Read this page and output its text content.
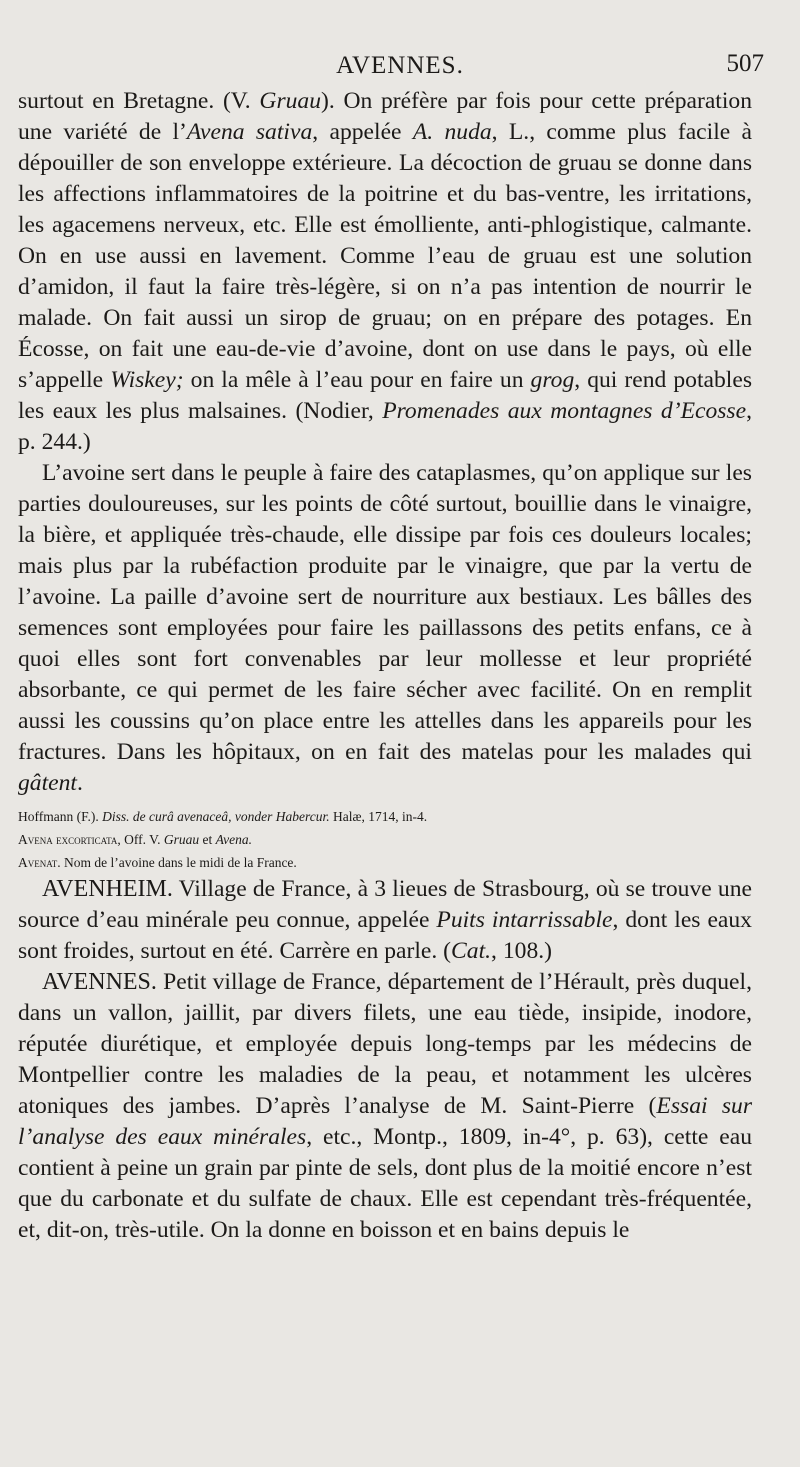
AVENNES.	507

surtout en Bretagne. (V. Gruau). On préfère par fois pour cette préparation une variété de l’Avena sativa, appelée A. nuda, L., comme plus facile à dépouiller de son enveloppe extérieure. La décoction de gruau se donne dans les affections inflammatoires de la poitrine et du bas-ventre, les irritations, les agacemens nerveux, etc. Elle est émolliente, anti-phlogistique, calmante. On en use aussi en lavement. Comme l’eau de gruau est une solution d’amidon, il faut la faire très-légère, si on n’a pas intention de nourrir le malade. On fait aussi un sirop de gruau; on en prépare des potages. En Écosse, on fait une eau-de-vie d’avoine, dont on use dans le pays, où elle s’appelle Wiskey; on la mêle à l’eau pour en faire un grog, qui rend potables les eaux les plus malsaines. (Nodier, Promenades aux montagnes d’Ecosse, p. 244.)

L’avoine sert dans le peuple à faire des cataplasmes, qu’on applique sur les parties douloureuses, sur les points de côté surtout, bouillie dans le vinaigre, la bière, et appliquée très-chaude, elle dissipe par fois ces douleurs locales; mais plus par la rubéfaction produite par le vinaigre, que par la vertu de l’avoine. La paille d’avoine sert de nourriture aux bestiaux. Les bâlles des semences sont employées pour faire les paillassons des petits enfans, ce à quoi elles sont fort convenables par leur mollesse et leur propriété absorbante, ce qui permet de les faire sécher avec facilité. On en remplit aussi les coussins qu’on place entre les attelles dans les appareils pour les fractures. Dans les hôpitaux, on en fait des matelas pour les malades qui gâtent.

Hoffmann (F.). Diss. de curâ avenaceâ, vonder Habercur. Halæ, 1714, in-4.

Avena excorticata, Off. V. Gruau et Avena.

Avenat. Nom de l’avoine dans le midi de la France.

AVENHEIM. Village de France, à 3 lieues de Strasbourg, où se trouve une source d’eau minérale peu connue, appelée Puits intarrissable, dont les eaux sont froides, surtout en été. Carrère en parle. (Cat., 108.)

AVENNES. Petit village de France, département de l’Hérault, près duquel, dans un vallon, jaillit, par divers filets, une eau tiède, insipide, inodore, réputée diurétique, et employée depuis long-temps par les médecins de Montpellier contre les maladies de la peau, et notamment les ulcères atoniques des jambes. D’après l’analyse de M. Saint-Pierre (Essai sur l’analyse des eaux minérales, etc., Montp., 1809, in-4°, p. 63), cette eau contient à peine un grain par pinte de sels, dont plus de la moitié encore n’est que du carbonate et du sulfate de chaux. Elle est cependant très-fréquentée, et, dit-on, très-utile. On la donne en boisson et en bains depuis le
